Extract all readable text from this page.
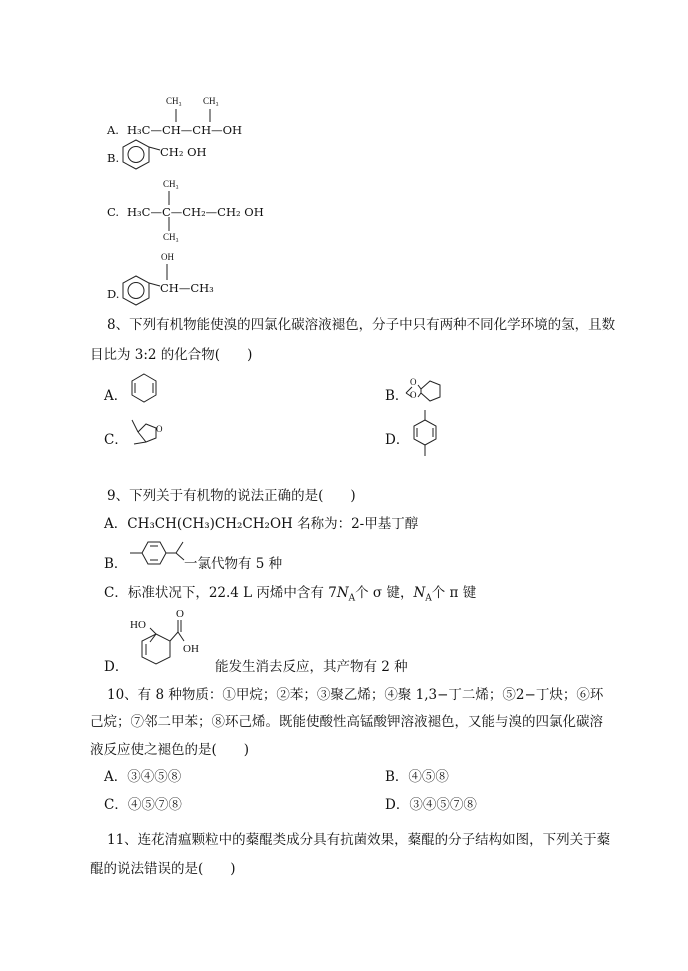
CH₃ CH₃
A. H₃C—CH—CH—OH
B.	CH₂ OH
CH₃
C. H₃C—C—CH₂—CH₂ OH
CH₃
OH
D.	CH—CH₃
8、下列有机物能使溴的四氯化碳溶液褪色，分子中只有两种不同化学环境的氢，且数
目比为 3:2 的化合物(　　)
A．	B．
O
O
C．
O
D．
9、下列关于有机物的说法正确的是(　　)
A．CH₃CH(CH₃)CH₂CH₂OH 名称为：2-甲基丁醇
B．	一氯代物有 5 种
C．标准状况下，22.4 L 丙烯中含有 $7N_A$个 σ 键，$N_A$个 π 键
D．
HO
O
OH
能发生消去反应，其产物有 2 种
10、有 8 种物质：①甲烷；②苯；③聚乙烯；④聚 1,3−丁二烯；⑤2−丁炔；⑥环
己烷；⑦邻二甲苯；⑧环己烯。既能使酸性高锰酸钾溶液褪色，又能与溴的四氯化碳溶
液反应使之褪色的是(　　)
A．③④⑤⑧	B．④⑤⑧
C．④⑤⑦⑧	D．③④⑤⑦⑧
11、连花清瘟颗粒中的薒醌类成分具有抗菌效果，薒醌的分子结构如图，下列关于薒
醌的说法错误的是(　　)
